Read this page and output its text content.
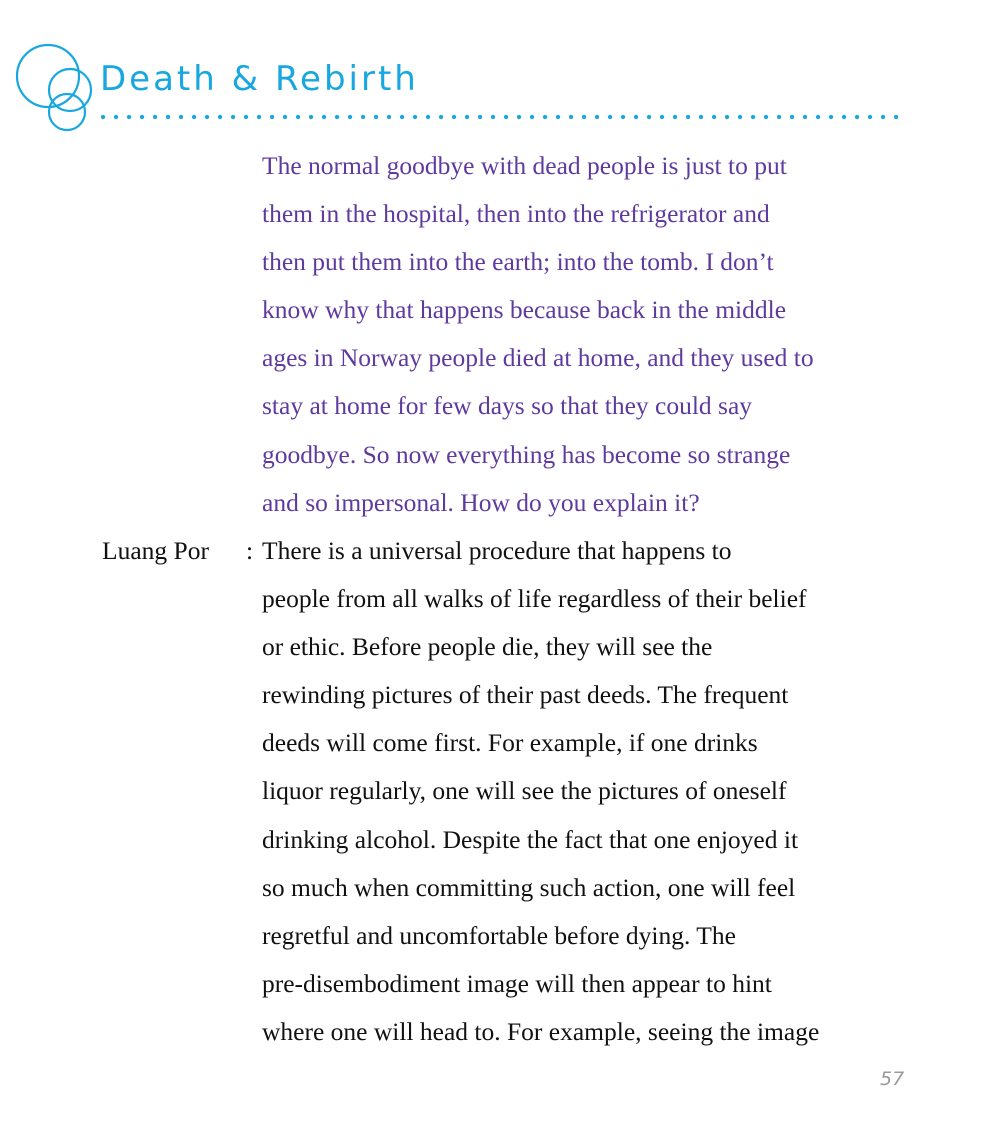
Death & Rebirth
The normal goodbye with dead people is just to put
them in the hospital, then into the refrigerator and
then put them into the earth; into the tomb. I don’t
know why that happens because back in the middle
ages in Norway people died at home, and they used to
stay at home for few days so that they could say
goodbye. So now everything has become so strange
and so impersonal. How do you explain it?
Luang Por : There is a universal procedure that happens to
people from all walks of life regardless of their belief
or ethic. Before people die, they will see the
rewinding pictures of their past deeds. The frequent
deeds will come first. For example, if one drinks
liquor regularly, one will see the pictures of oneself
drinking alcohol. Despite the fact that one enjoyed it
so much when committing such action, one will feel
regretful and uncomfortable before dying. The
pre-disembodiment image will then appear to hint
where one will head to. For example, seeing the image
57
